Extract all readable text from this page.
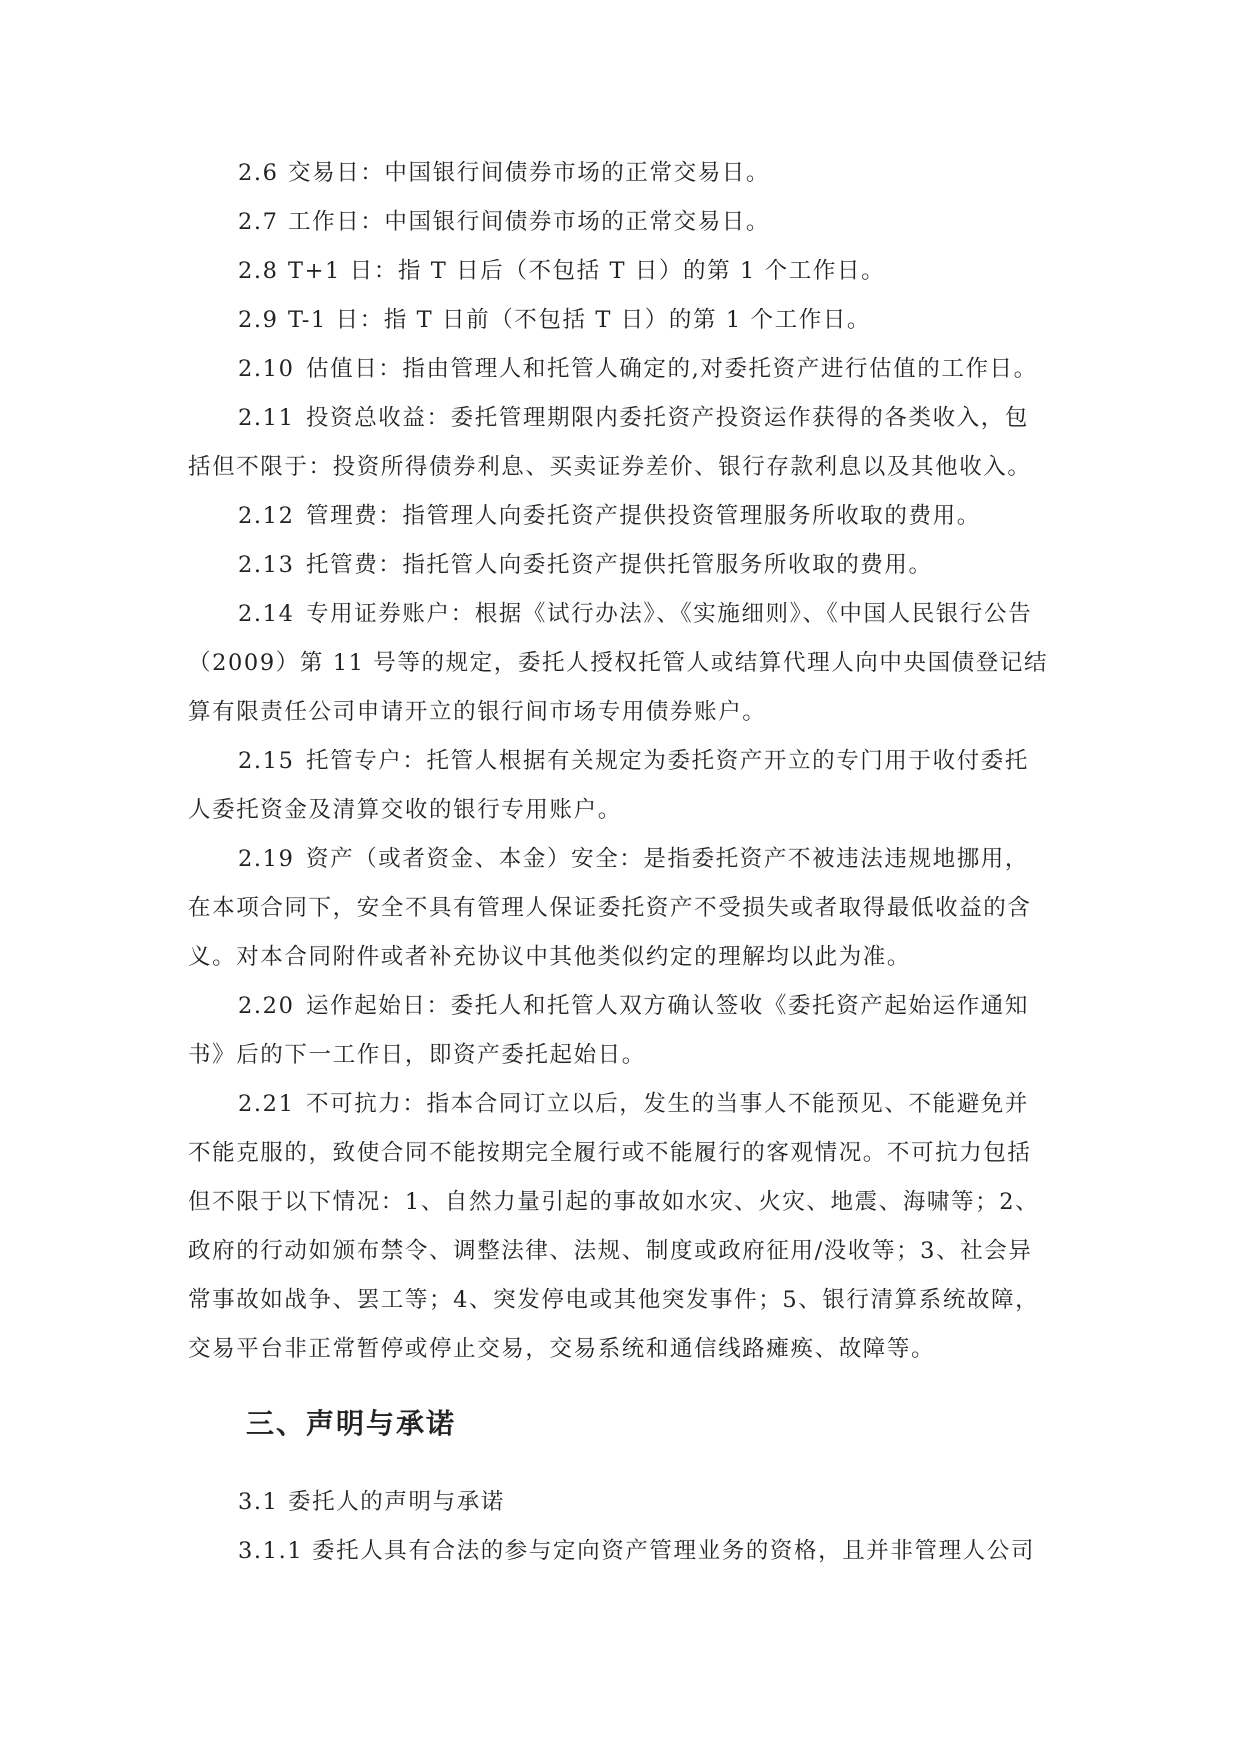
2.6 交易日：中国银行间债券市场的正常交易日。

2.7 工作日：中国银行间债券市场的正常交易日。

2.8 T+1 日：指 T 日后（不包括 T 日）的第 1 个工作日。

2.9 T-1 日：指 T 日前（不包括 T 日）的第 1 个工作日。

2.10 估值日：指由管理人和托管人确定的,对委托资产进行估值的工作日。

2.11 投资总收益：委托管理期限内委托资产投资运作获得的各类收入，包

括但不限于：投资所得债券利息、买卖证券差价、银行存款利息以及其他收入。

2.12 管理费：指管理人向委托资产提供投资管理服务所收取的费用。

2.13 托管费：指托管人向委托资产提供托管服务所收取的费用。

2.14 专用证券账户：根据《试行办法》、《实施细则》、《中国人民银行公告

（2009）第 11 号等的规定，委托人授权托管人或结算代理人向中央国债登记结

算有限责任公司申请开立的银行间市场专用债券账户。

2.15 托管专户：托管人根据有关规定为委托资产开立的专门用于收付委托

人委托资金及清算交收的银行专用账户。

2.19 资产（或者资金、本金）安全：是指委托资产不被违法违规地挪用，

在本项合同下，安全不具有管理人保证委托资产不受损失或者取得最低收益的含

义。对本合同附件或者补充协议中其他类似约定的理解均以此为准。

2.20 运作起始日：委托人和托管人双方确认签收《委托资产起始运作通知

书》后的下一工作日，即资产委托起始日。

2.21 不可抗力：指本合同订立以后，发生的当事人不能预见、不能避免并

不能克服的，致使合同不能按期完全履行或不能履行的客观情况。不可抗力包括

但不限于以下情况：1、自然力量引起的事故如水灾、火灾、地震、海啸等；2、

政府的行动如颁布禁令、调整法律、法规、制度或政府征用/没收等；3、社会异

常事故如战争、罢工等；4、突发停电或其他突发事件；5、银行清算系统故障，

交易平台非正常暂停或停止交易，交易系统和通信线路瘫痪、故障等。

三、声明与承诺

3.1 委托人的声明与承诺

3.1.1 委托人具有合法的参与定向资产管理业务的资格，且并非管理人公司
